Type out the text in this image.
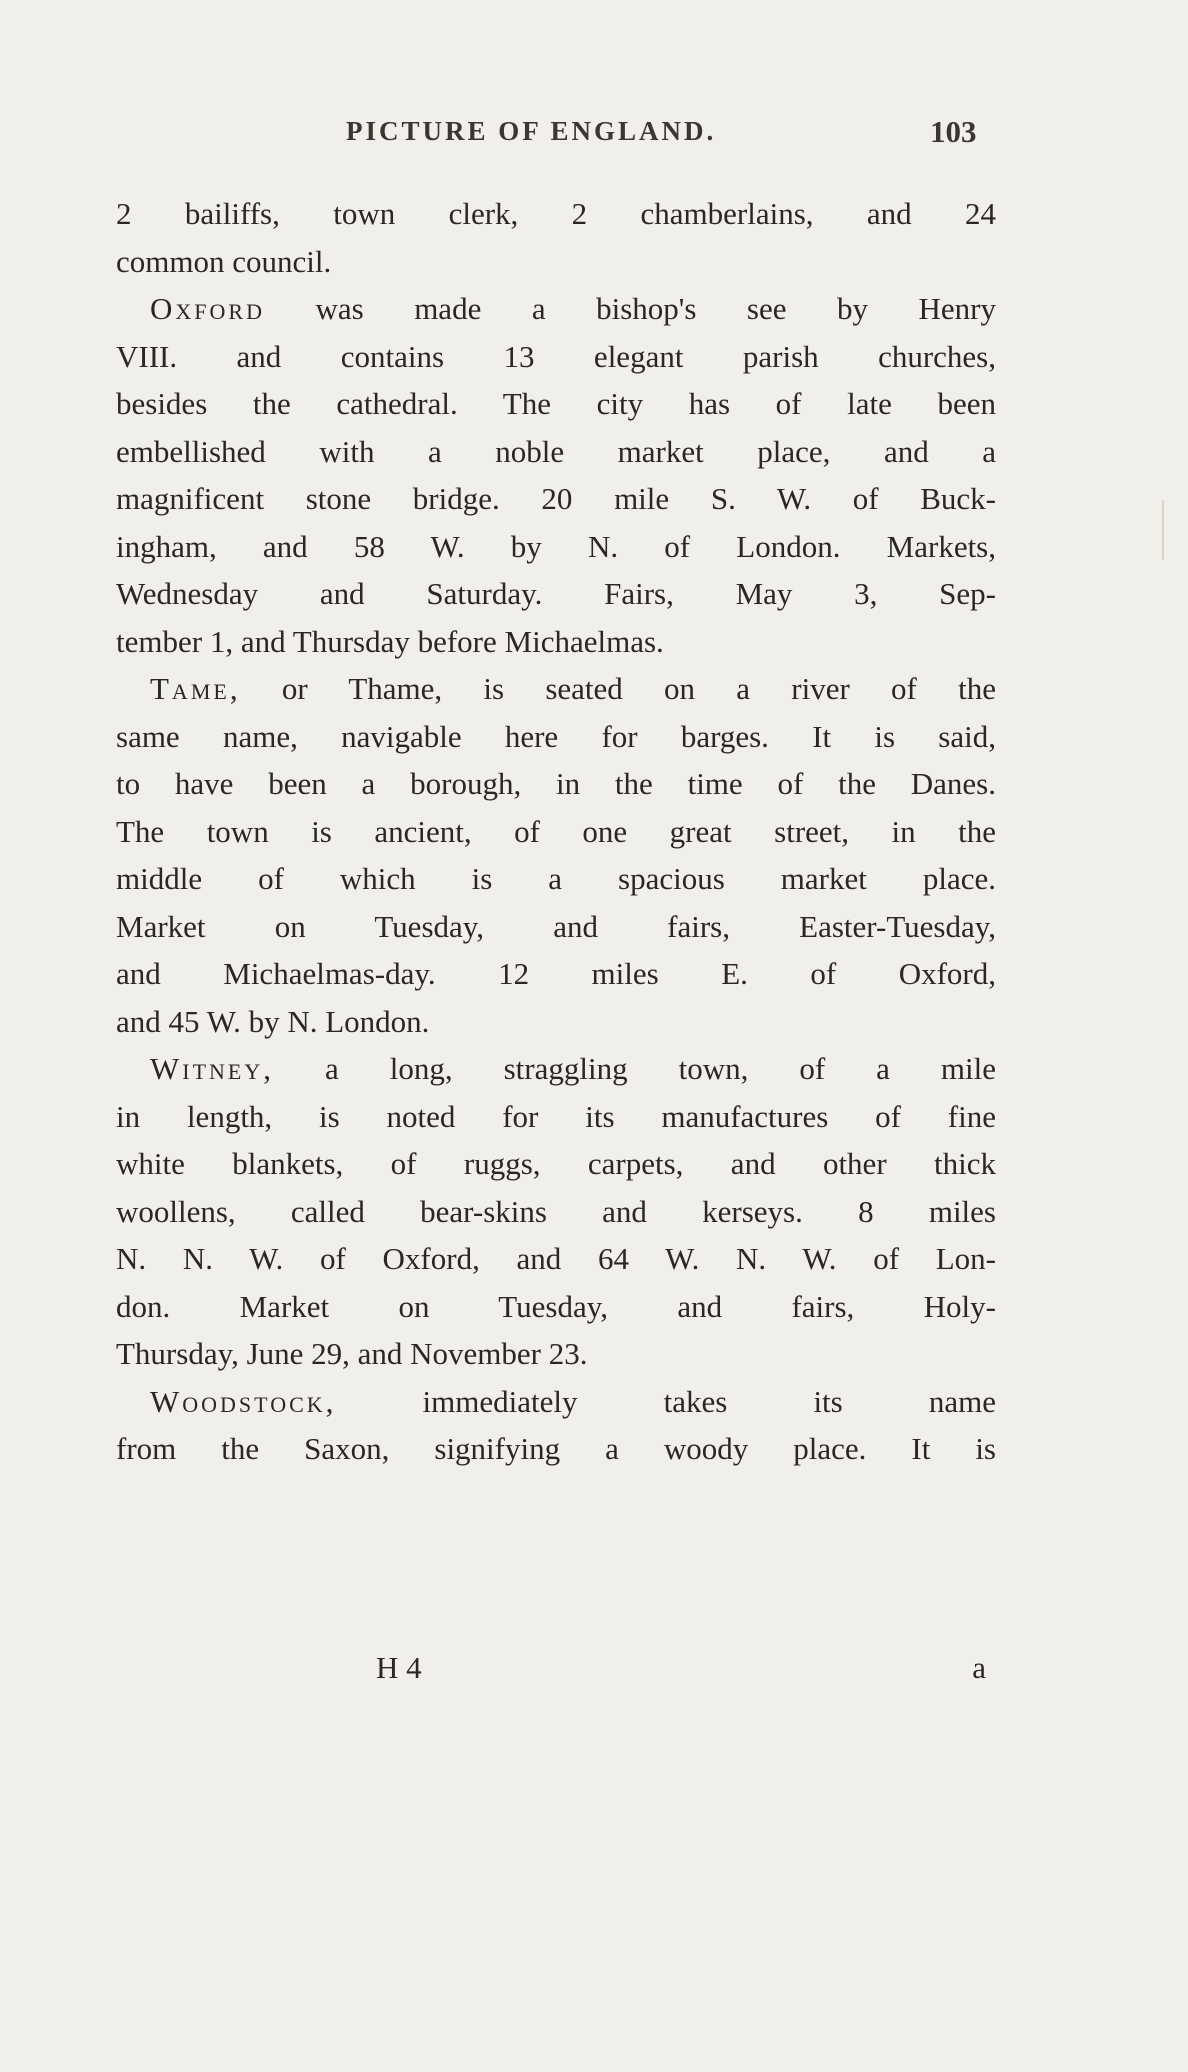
PICTURE OF ENGLAND.	103
2 bailiffs, town clerk, 2 chamberlains, and 24
common council.
Oxford was made a bishop's see by Henry
VIII. and contains 13 elegant parish churches,
besides the cathedral. The city has of late been
embellished with a noble market place, and a
magnificent stone bridge. 20 mile S. W. of Buck-
ingham, and 58 W. by N. of London. Markets,
Wednesday and Saturday. Fairs, May 3, Sep-
tember 1, and Thursday before Michaelmas.
Tame, or Thame, is seated on a river of the
same name, navigable here for barges. It is said,
to have been a borough, in the time of the Danes.
The town is ancient, of one great street, in the
middle of which is a spacious market place.
Market on Tuesday, and fairs, Easter-Tuesday,
and Michaelmas-day. 12 miles E. of Oxford,
and 45 W. by N. London.
Witney, a long, straggling town, of a mile
in length, is noted for its manufactures of fine
white blankets, of ruggs, carpets, and other thick
woollens, called bear-skins and kerseys. 8 miles
N. N. W. of Oxford, and 64 W. N. W. of Lon-
don. Market on Tuesday, and fairs, Holy-
Thursday, June 29, and November 23.
Woodstock, immediately takes its name
from the Saxon, signifying a woody place. It is
H 4	a
